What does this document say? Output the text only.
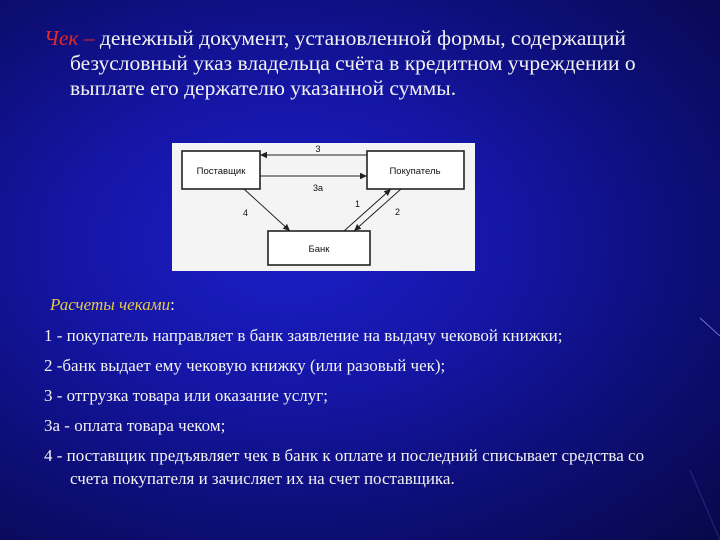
Чек – денежный документ, установленной формы, содержащий безусловный указ владельца счёта в кредитном учреждении о выплате его держателю указанной суммы.
Поставщик	Покупатель
Банк
3
3а
4
1
2
Расчеты чеками:
1 - покупатель направляет в банк заявление на выдачу чековой книжки;
2 -банк выдает ему чековую книжку (или разовый чек);
3 - отгрузка товара или оказание услуг;
3а - оплата товара чеком;
4 - поставщик предъявляет чек в банк к оплате и последний списывает средства со счета покупателя и зачисляет их на счет поставщика.
